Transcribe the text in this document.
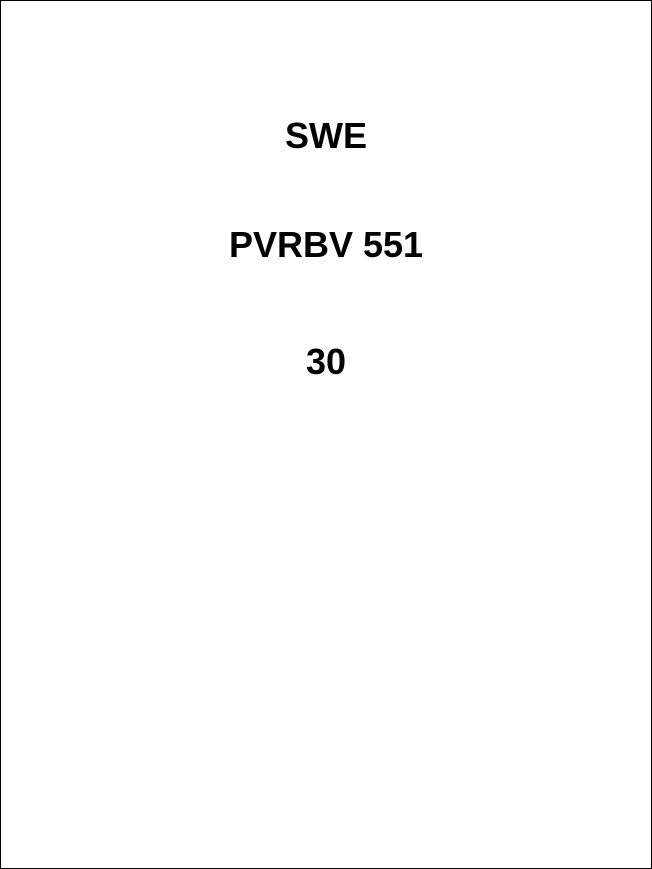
SWE
PVRBV 551
30
